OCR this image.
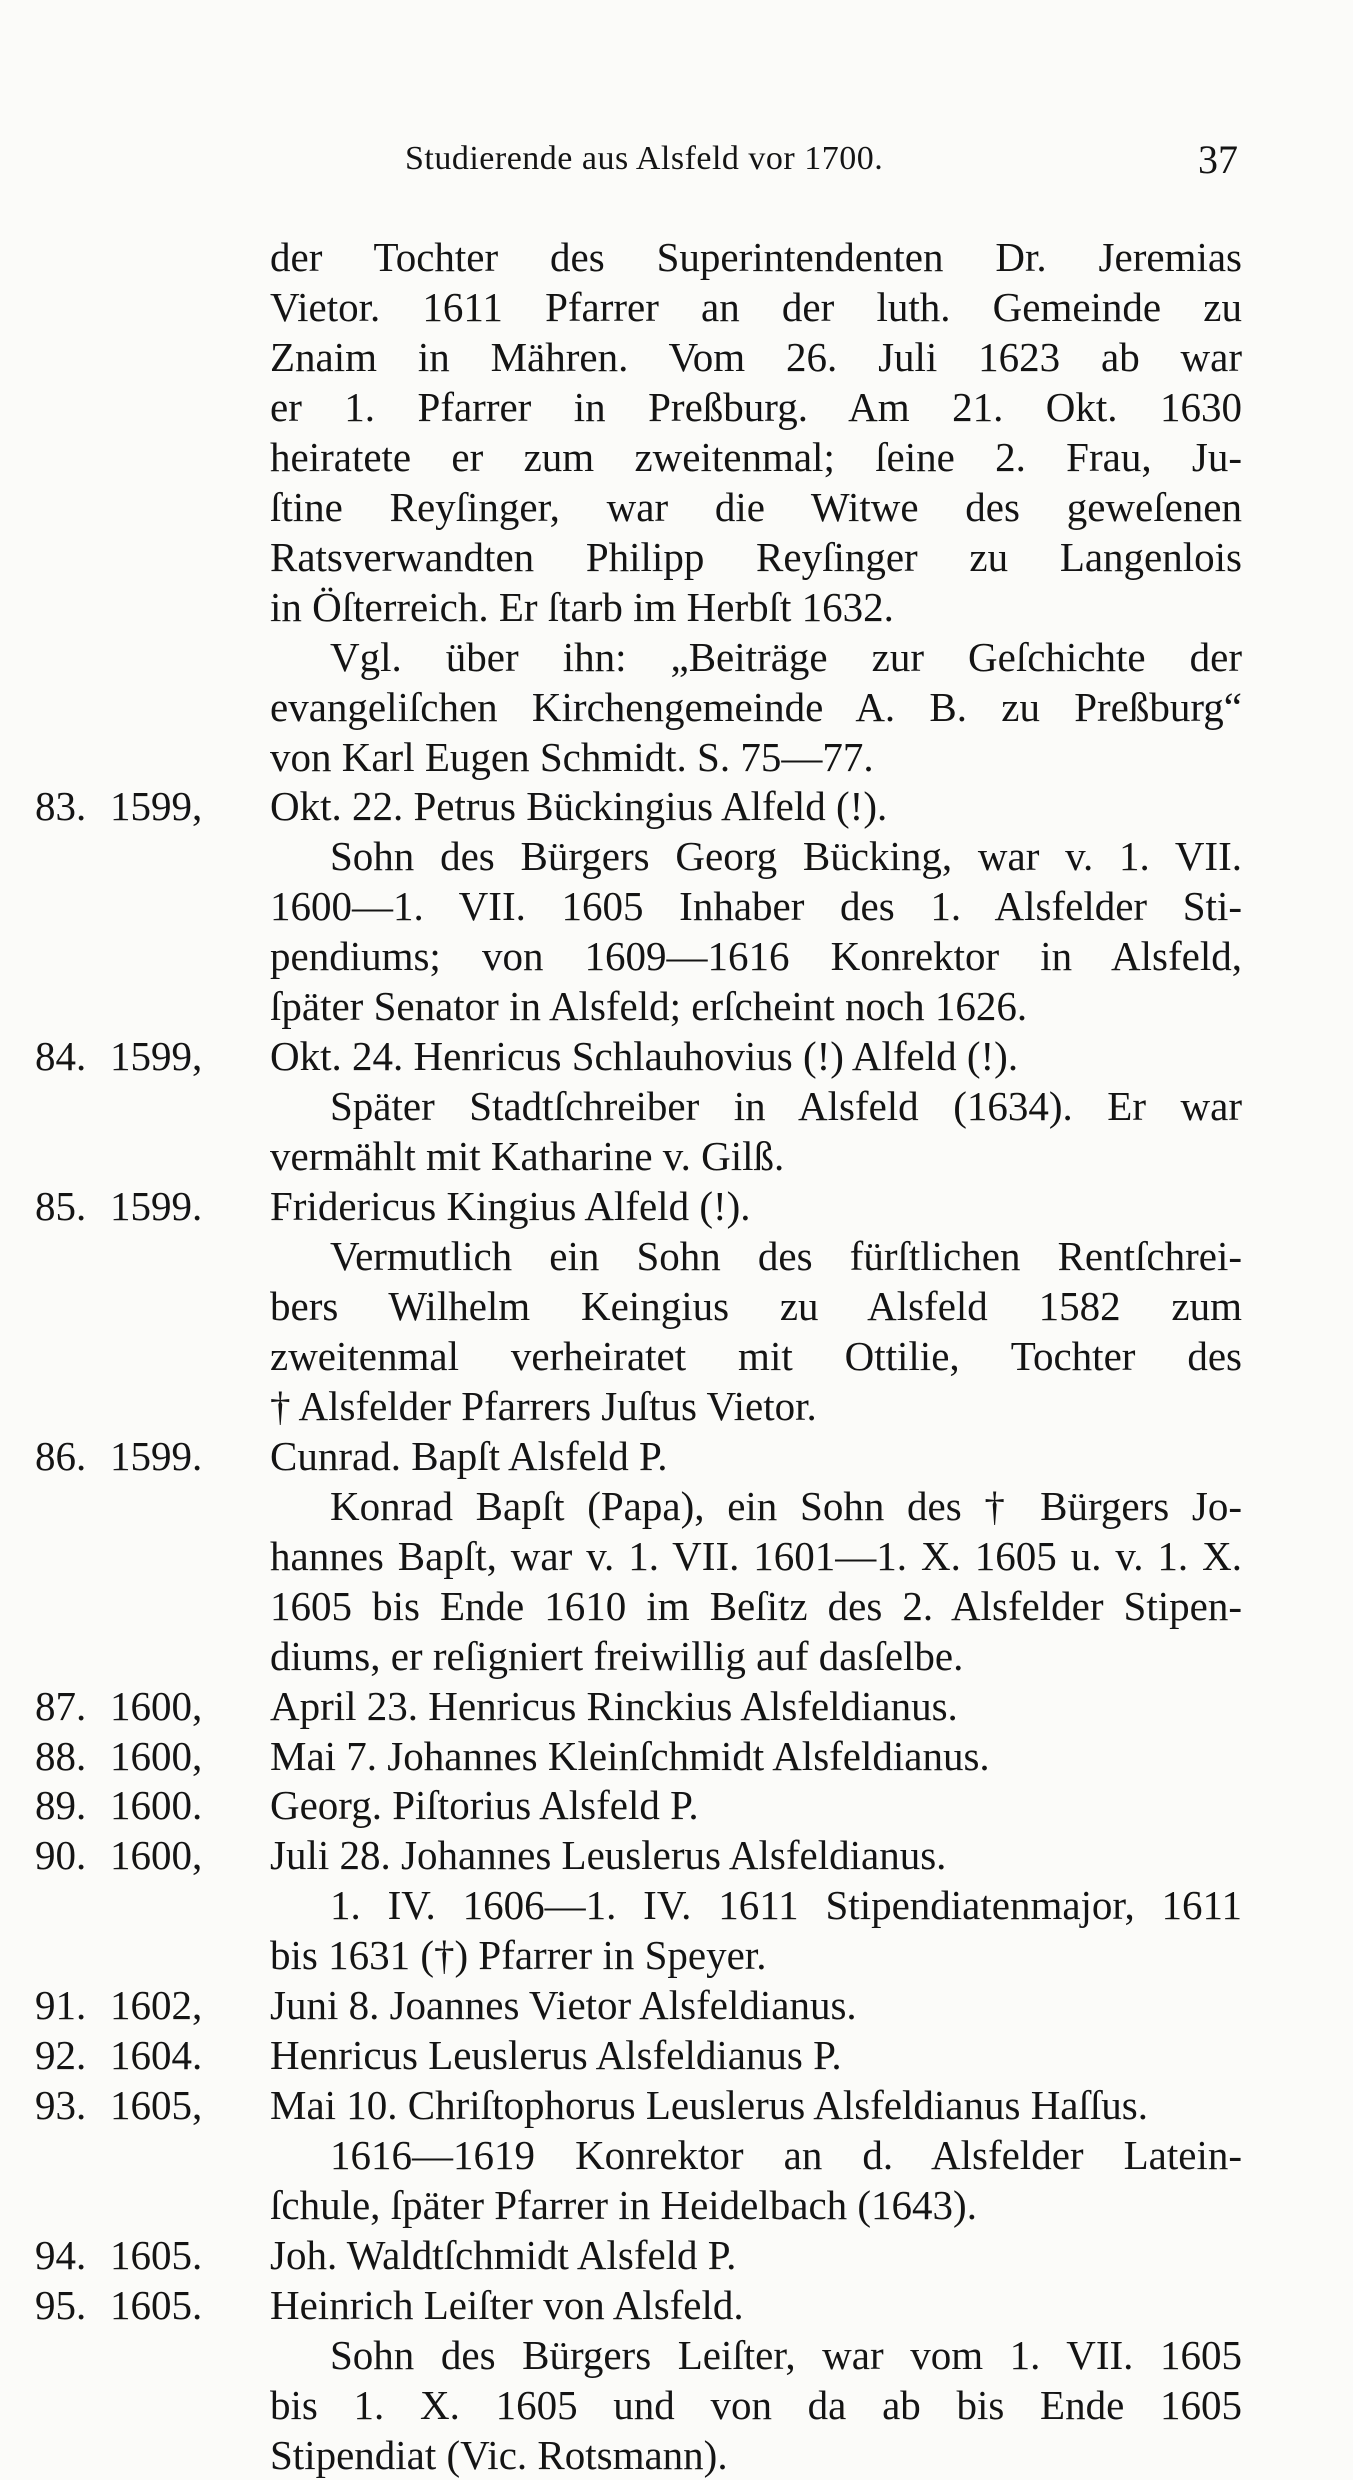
Studierende aus Alsfeld vor 1700.	37
der Tochter des Superintendenten Dr. Jeremias
Vietor. 1611 Pfarrer an der luth. Gemeinde zu
Znaim in Mähren. Vom 26. Juli 1623 ab war
er 1. Pfarrer in Preßburg. Am 21. Okt. 1630
heiratete er zum zweitenmal; ſeine 2. Frau, Ju-
ſtine Reyſinger, war die Witwe des geweſenen
Ratsverwandten Philipp Reyſinger zu Langenlois
in Öſterreich. Er ſtarb im Herbſt 1632.
Vgl. über ihn: „Beiträge zur Geſchichte der
evangeliſchen Kirchengemeinde A. B. zu Preßburg“
von Karl Eugen Schmidt. S. 75—77.
83. 1599, Okt. 22. Petrus Bückingius Alfeld (!).
Sohn des Bürgers Georg Bücking, war v. 1. VII.
1600—1. VII. 1605 Inhaber des 1. Alsfelder Sti-
pendiums; von 1609—1616 Konrektor in Alsfeld,
ſpäter Senator in Alsfeld; erſcheint noch 1626.
84. 1599, Okt. 24. Henricus Schlauhovius (!) Alfeld (!).
Später Stadtſchreiber in Alsfeld (1634). Er war
vermählt mit Katharine v. Gilß.
85. 1599. Fridericus Kingius Alfeld (!).
Vermutlich ein Sohn des fürſtlichen Rentſchrei-
bers Wilhelm Keingius zu Alsfeld 1582 zum
zweitenmal verheiratet mit Ottilie, Tochter des
† Alsfelder Pfarrers Juſtus Vietor.
86. 1599. Cunrad. Bapſt Alsfeld P.
Konrad Bapſt (Papa), ein Sohn des † Bürgers Jo-
hannes Bapſt, war v. 1. VII. 1601—1. X. 1605 u. v. 1. X.
1605 bis Ende 1610 im Beſitz des 2. Alsfelder Stipen-
diums, er reſigniert freiwillig auf dasſelbe.
87. 1600, April 23. Henricus Rinckius Alsfeldianus.
88. 1600, Mai 7. Johannes Kleinſchmidt Alsfeldianus.
89. 1600. Georg. Piſtorius Alsfeld P.
90. 1600, Juli 28. Johannes Leuslerus Alsfeldianus.
1. IV. 1606—1. IV. 1611 Stipendiatenmajor, 1611
bis 1631 (†) Pfarrer in Speyer.
91. 1602, Juni 8. Joannes Vietor Alsfeldianus.
92. 1604. Henricus Leuslerus Alsfeldianus P.
93. 1605, Mai 10. Chriſtophorus Leuslerus Alsfeldianus Haſſus.
1616—1619 Konrektor an d. Alsfelder Latein-
ſchule, ſpäter Pfarrer in Heidelbach (1643).
94. 1605. Joh. Waldtſchmidt Alsfeld P.
95. 1605. Heinrich Leiſter von Alsfeld.
Sohn des Bürgers Leiſter, war vom 1. VII. 1605
bis 1. X. 1605 und von da ab bis Ende 1605
Stipendiat (Vic. Rotsmann).
